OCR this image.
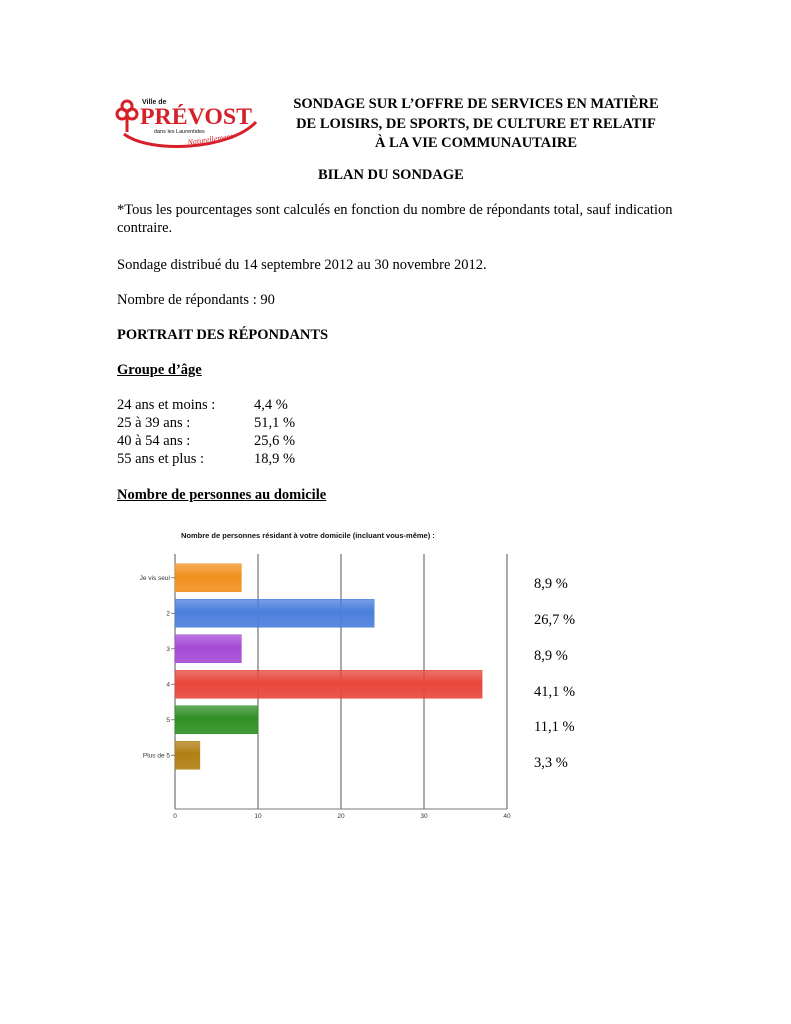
Ville de
PRÉVOST
dans les Laurentides
Naturellement
SONDAGE SUR L’OFFRE DE SERVICES EN MATIÈRE
DE LOISIRS, DE SPORTS, DE CULTURE ET RELATIF
À LA VIE COMMUNAUTAIRE
BILAN DU SONDAGE
*Tous les pourcentages sont calculés en fonction du nombre de répondants total, sauf indication contraire.
Sondage distribué du 14 septembre 2012 au 30 novembre 2012.
Nombre de répondants : 90
PORTRAIT DES RÉPONDANTS
Groupe d’âge
24 ans et moins :	4,4 %
25 à 39 ans :	51,1 %
40 à 54 ans :	25,6 %
55 ans et plus :	18,9 %
Nombre de personnes au domicile
Nombre de personnes résidant à votre domicile (incluant vous-même) :
Je vis seul
2
3
4
5
Plus de 5
0	10	20	30	40
8,9 %
26,7 %
8,9 %
41,1 %
11,1 %
3,3 %
